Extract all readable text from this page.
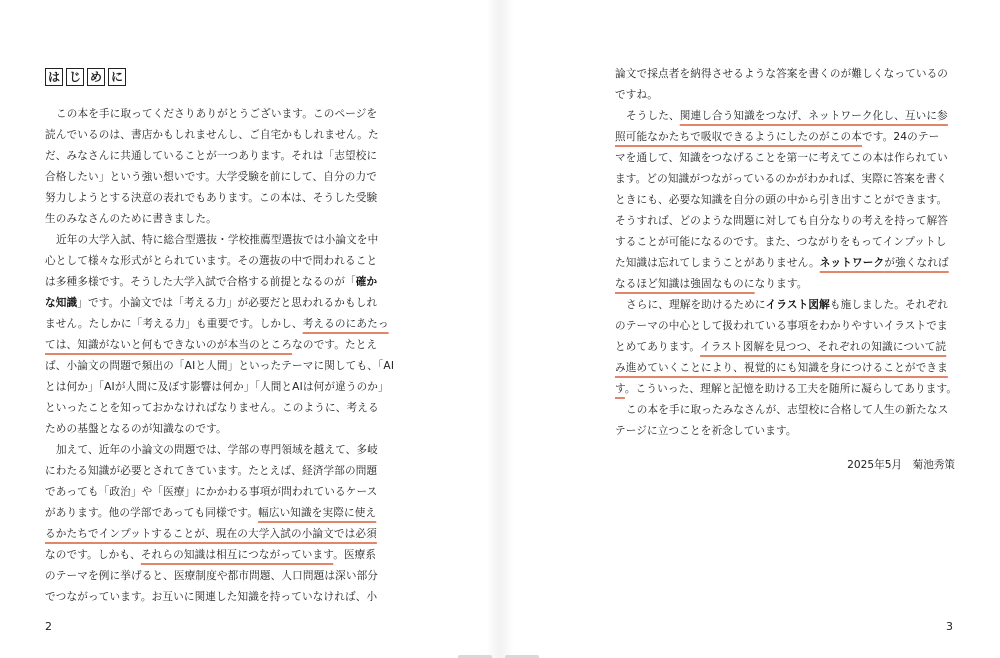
は じ め に
この本を手に取ってくださりありがとうございます。このページを
読んでいるのは、書店かもしれませんし、ご自宅かもしれません。た
だ、みなさんに共通していることが一つあります。それは「志望校に
合格したい」という強い想いです。大学受験を前にして、自分の力で
努力しようとする決意の表れでもあります。この本は、そうした受験
生のみなさんのために書きました。
近年の大学入試、特に総合型選抜・学校推薦型選抜では小論文を中
心として様々な形式がとられています。その選抜の中で問われること
は多種多様です。そうした大学入試で合格する前提となるのが「確か
な知識」です。小論文では「考える力」が必要だと思われるかもしれ
ません。たしかに「考える力」も重要です。しかし、考えるのにあたっ
ては、知識がないと何もできないのが本当のところなのです。たとえ
ば、小論文の問題で頻出の「AIと人間」といったテーマに関しても、「AI
とは何か」「AIが人間に及ぼす影響は何か」「人間とAIは何が違うのか」
といったことを知っておかなければなりません。このように、考える
ための基盤となるのが知識なのです。
加えて、近年の小論文の問題では、学部の専門領域を越えて、多岐
にわたる知識が必要とされてきています。たとえば、経済学部の問題
であっても「政治」や「医療」にかかわる事項が問われているケース
があります。他の学部であっても同様です。幅広い知識を実際に使え
るかたちでインプットすることが、現在の大学入試の小論文では必須
なのです。しかも、それらの知識は相互につながっています。医療系
のテーマを例に挙げると、医療制度や都市問題、人口問題は深い部分
でつながっています。お互いに関連した知識を持っていなければ、小
2
論文で採点者を納得させるような答案を書くのが難しくなっているの
ですね。
そうした、関連し合う知識をつなげ、ネットワーク化し、互いに参
照可能なかたちで吸収できるようにしたのがこの本です。24のテー
マを通して、知識をつなげることを第一に考えてこの本は作られてい
ます。どの知識がつながっているのかがわかれば、実際に答案を書く
ときにも、必要な知識を自分の頭の中から引き出すことができます。
そうすれば、どのような問題に対しても自分なりの考えを持って解答
することが可能になるのです。また、つながりをもってインプットし
た知識は忘れてしまうことがありません。ネットワークが強くなれば
なるほど知識は強固なものになります。
さらに、理解を助けるためにイラスト図解も施しました。それぞれ
のテーマの中心として扱われている事項をわかりやすいイラストでま
とめてあります。イラスト図解を見つつ、それぞれの知識について読
み進めていくことにより、視覚的にも知識を身につけることができま
す。こういった、理解と記憶を助ける工夫を随所に凝らしてあります。
この本を手に取ったみなさんが、志望校に合格して人生の新たなス
テージに立つことを祈念しています。
2025年5月　菊池秀策
3
